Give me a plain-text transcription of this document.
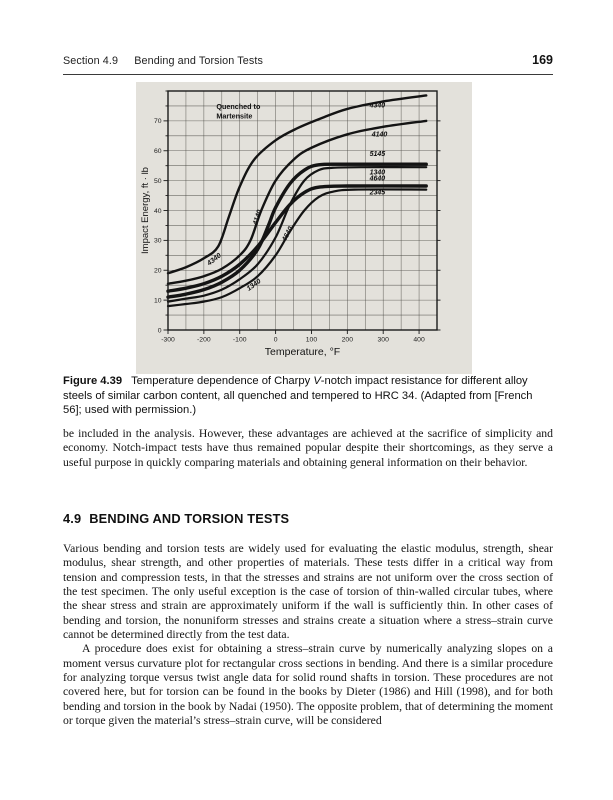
Section 4.9 Bending and Torsion Tests	169
4340
4140
5145
1340
4640
2345
-300	-200	-100	0	100	200	300	400
0
10
20
30
40
50
60
70
Temperature, °F
Impact Energy, ft · lb
Quenched to
Martensite
4340
4140
4640
1340
Figure 4.39 Temperature dependence of Charpy V-notch impact resistance for different alloy steels of similar carbon content, all quenched and tempered to HRC 34. (Adapted from [French 56]; used with permission.)

be included in the analysis. However, these advantages are achieved at the sacrifice of simplicity and economy. Notch-impact tests have thus remained popular despite their shortcomings, as they serve a useful purpose in quickly comparing materials and obtaining general information on their behavior.

4.9 BENDING AND TORSION TESTS

Various bending and torsion tests are widely used for evaluating the elastic modulus, strength, shear modulus, shear strength, and other properties of materials. These tests differ in a critical way from tension and compression tests, in that the stresses and strains are not uniform over the cross section of the test specimen. The only useful exception is the case of torsion of thin-walled circular tubes, where the shear stress and strain are approximately uniform if the wall is sufficiently thin. In other cases of bending and torsion, the nonuniform stresses and strains create a situation where a stress–strain curve cannot be determined directly from the test data.

A procedure does exist for obtaining a stress–strain curve by numerically analyzing slopes on a moment versus curvature plot for rectangular cross sections in bending. And there is a similar procedure for analyzing torque versus twist angle data for solid round shafts in torsion. These procedures are not covered here, but for torsion can be found in the books by Dieter (1986) and Hill (1998), and for both bending and torsion in the book by Nadai (1950). The opposite problem, that of determining the moment or torque given the material’s stress–strain curve, will be considered
